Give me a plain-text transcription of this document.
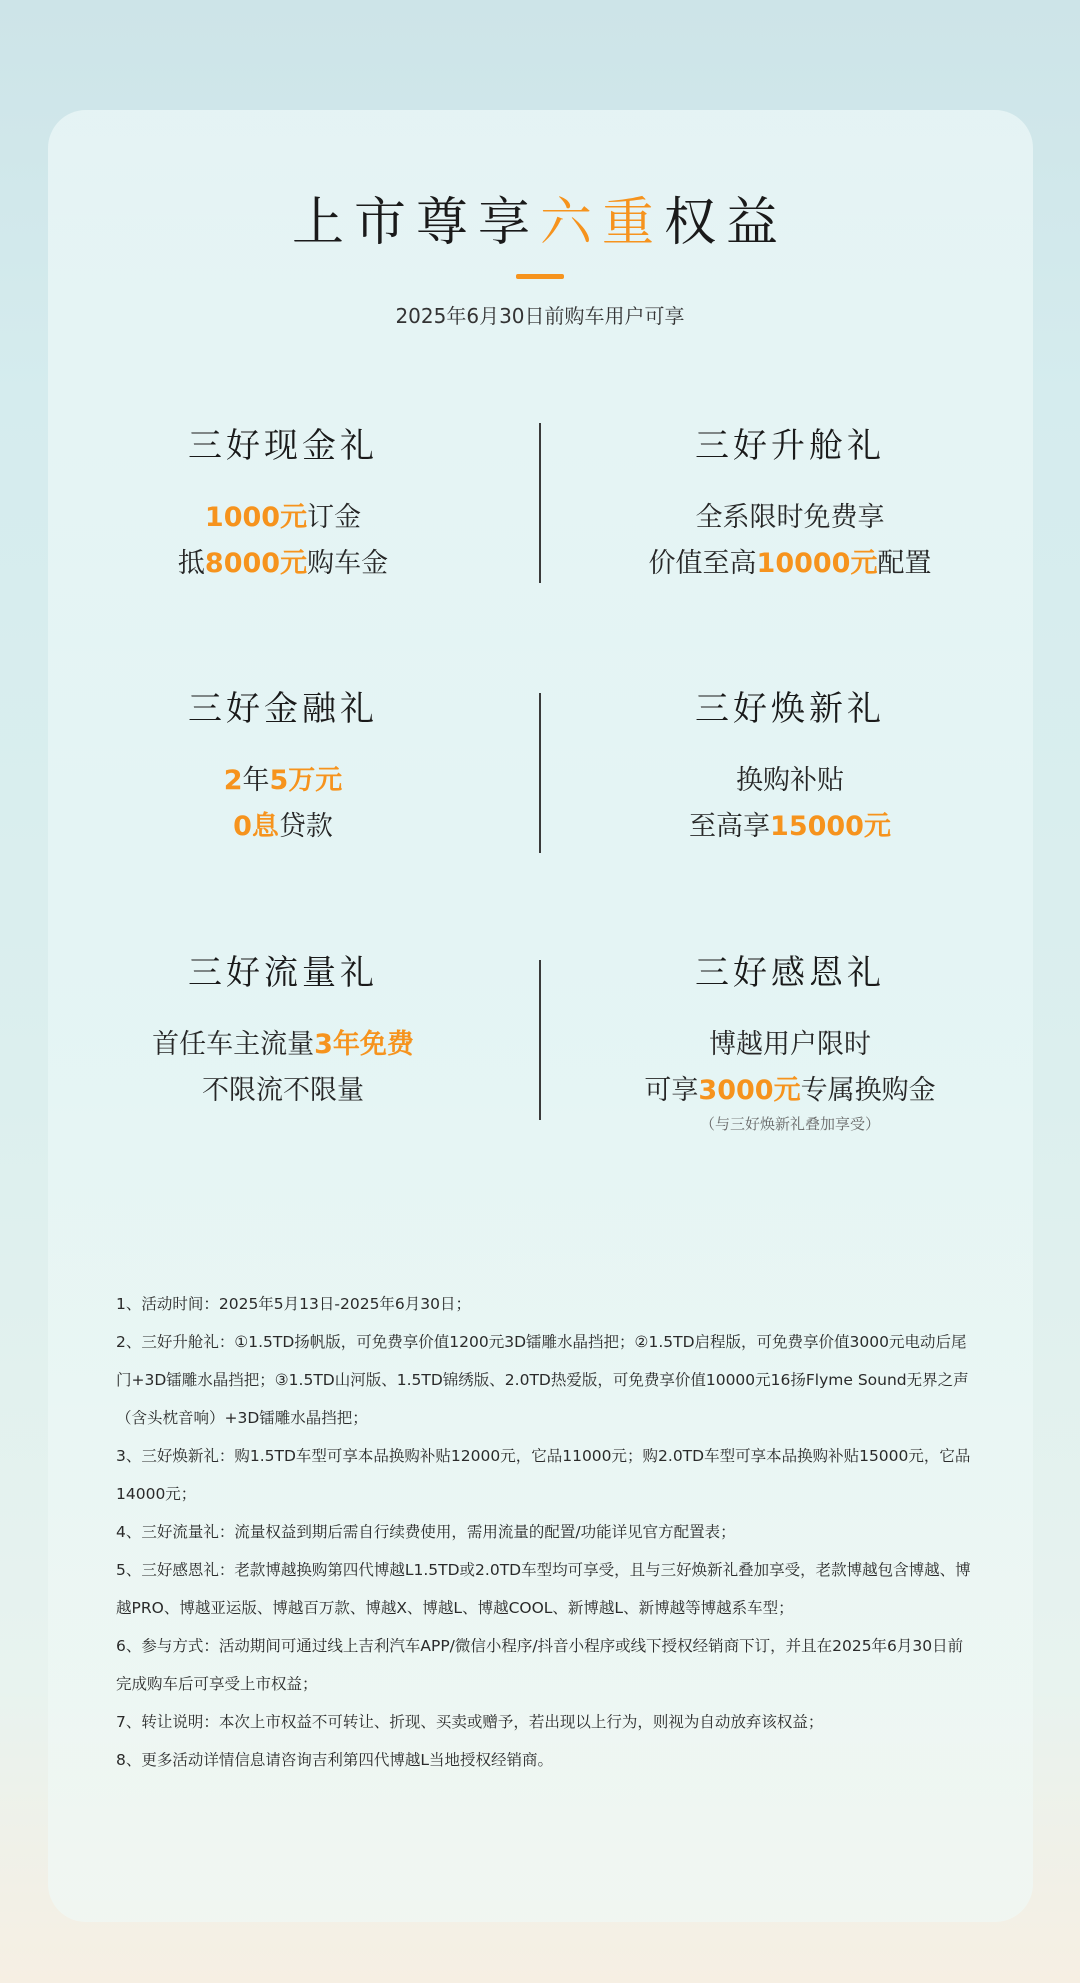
上市尊享六重权益
2025年6月30日前购车用户可享
三好现金礼
1000元订金
抵8000元购车金
三好升舱礼
全系限时免费享
价值至高10000元配置
三好金融礼
2年5万元
0息贷款
三好焕新礼
换购补贴
至高享15000元
三好流量礼
首任车主流量3年免费
不限流不限量
三好感恩礼
博越用户限时
可享3000元专属换购金
（与三好焕新礼叠加享受）

1、活动时间：2025年5月13日-2025年6月30日；

2、三好升舱礼：①1.5TD扬帆版，可免费享价值1200元3D镭雕水晶挡把；②1.5TD启程版，可免费享价值3000元电动后尾门+3D镭雕水晶挡把；③1.5TD山河版、1.5TD锦绣版、2.0TD热爱版，可免费享价值10000元16扬Flyme Sound无界之声（含头枕音响）+3D镭雕水晶挡把；

3、三好焕新礼：购1.5TD车型可享本品换购补贴12000元，它品11000元；购2.0TD车型可享本品换购补贴15000元，它品14000元；

4、三好流量礼：流量权益到期后需自行续费使用，需用流量的配置/功能详见官方配置表；

5、三好感恩礼：老款博越换购第四代博越L1.5TD或2.0TD车型均可享受，且与三好焕新礼叠加享受，老款博越包含博越、博越PRO、博越亚运版、博越百万款、博越X、博越L、博越COOL、新博越L、新博越等博越系车型；

6、参与方式：活动期间可通过线上吉利汽车APP/微信小程序/抖音小程序或线下授权经销商下订，并且在2025年6月30日前完成购车后可享受上市权益；

7、转让说明：本次上市权益不可转让、折现、买卖或赠予，若出现以上行为，则视为自动放弃该权益；

8、更多活动详情信息请咨询吉利第四代博越L当地授权经销商。
